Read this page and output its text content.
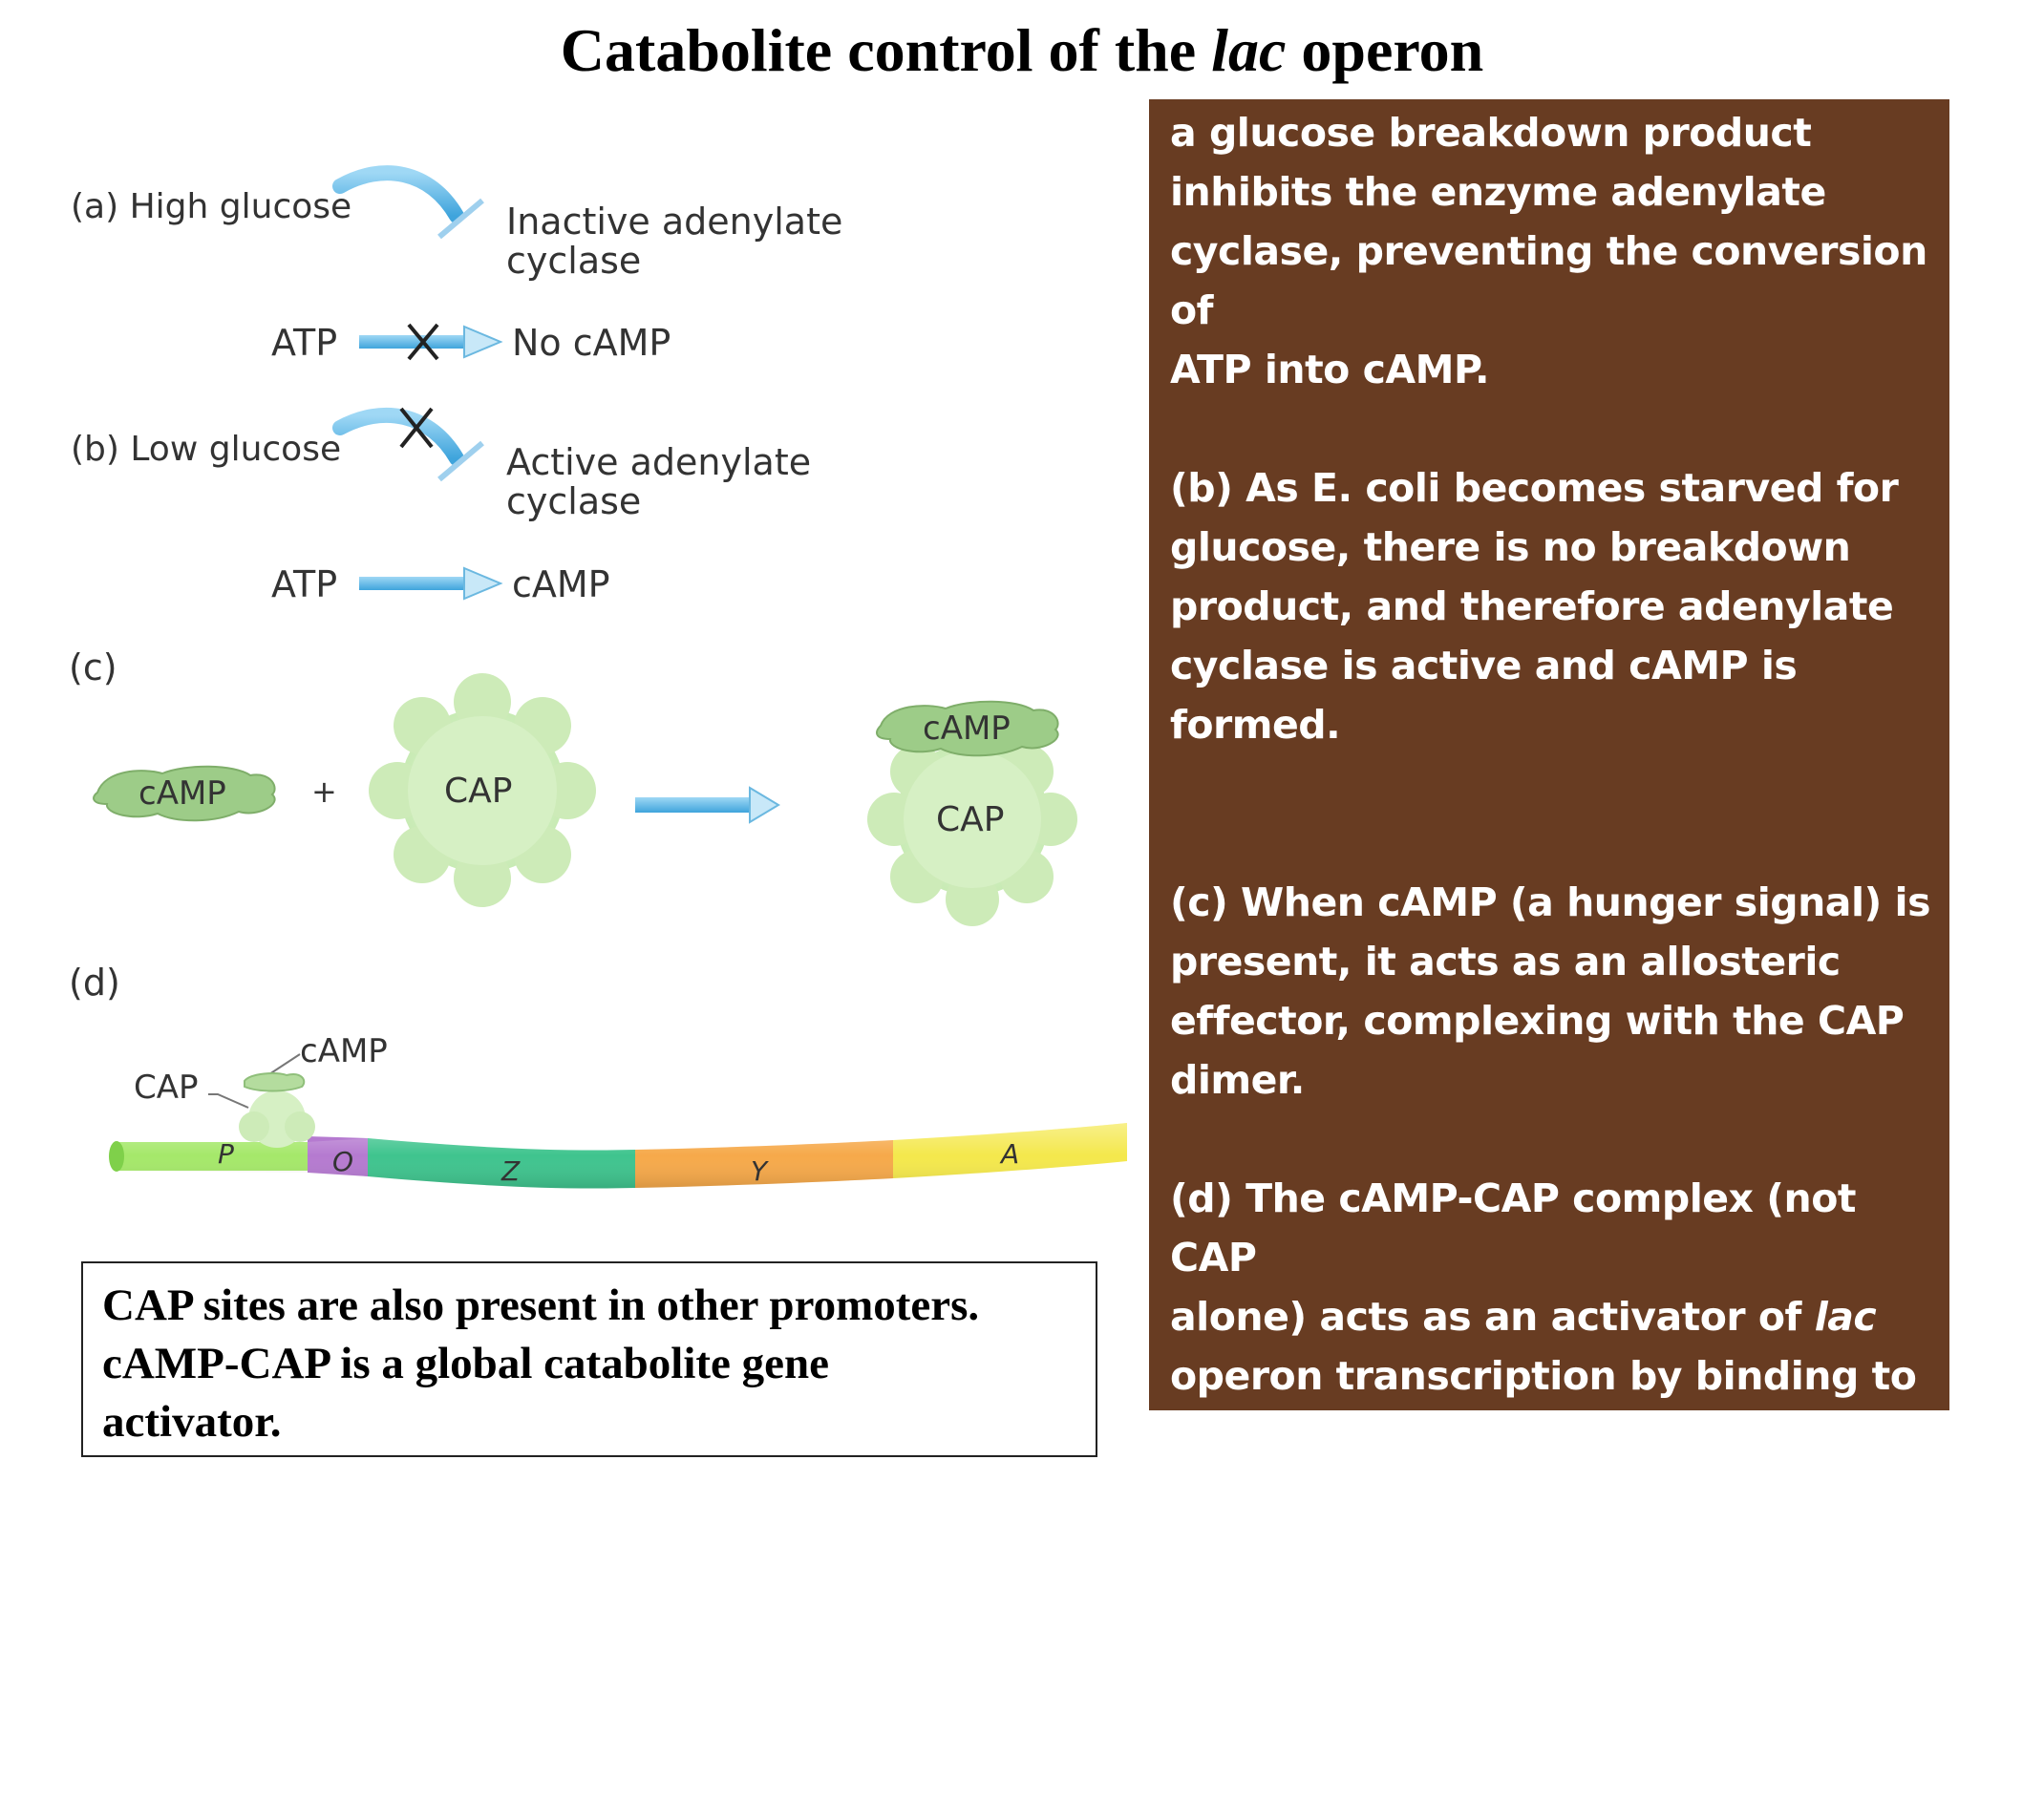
Catabolite control of the lac operon
(a) High glucose	Inactive adenylate
cyclase
ATP	No cAMP
(b) Low glucose	Active adenylate
cyclase
ATP	cAMP
(c)
cAMP	+	CAP
cAMP
CAP
(d)
cAMP
CAP
P	O	Z	Y
A

a glucose breakdown product

inhibits the enzyme adenylate

cyclase, preventing the conversion of

ATP into cAMP.

(b) As E. coli becomes starved for

glucose, there is no breakdown

product, and therefore adenylate

cyclase is active and cAMP is formed.

(c) When cAMP (a hunger signal) is

present, it acts as an allosteric

effector, complexing with the CAP

dimer.

(d) The cAMP-CAP complex (not CAP

alone) acts as an activator of lac

operon transcription by binding to a

region within the lac promoter. (CAP

= catabolite activator protein; cAMP

= cyclic adenosine monophosphate)

CAP sites are also present in other promoters.
cAMP-CAP is a global catabolite gene
activator.
